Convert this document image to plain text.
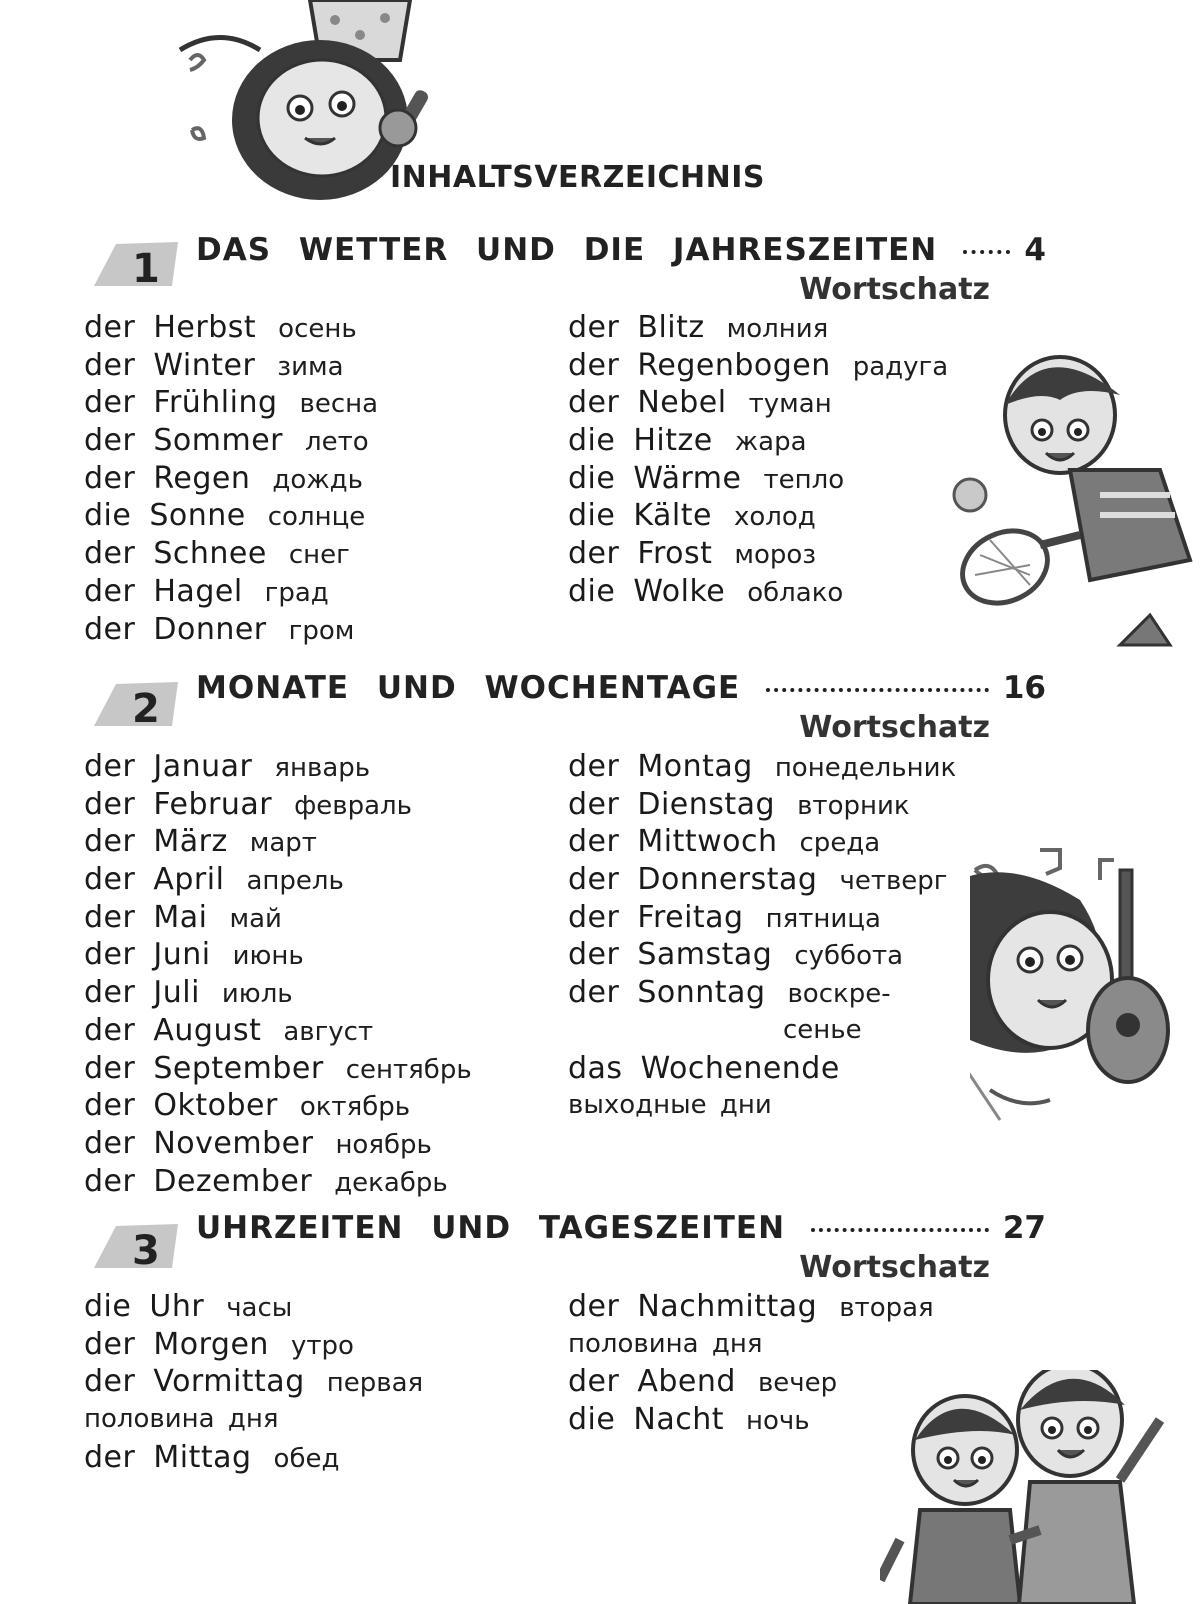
INHALTSVERZEICHNIS
1 DAS WETTER UND DIE JAHRESZEITEN	4
Wortschatz
der Herbst осень
der Winter зима
der Frühling весна
der Sommer лето
der Regen дождь
die Sonne солнце
der Schnee снег
der Hagel град
der Donner гром
der Blitz молния
der Regenbogen радуга
der Nebel туман
die Hitze жара
die Wärme тепло
die Kälte холод
der Frost мороз
die Wolke облако
2 MONATE UND WOCHENTAGE	16
Wortschatz
der Januar январь
der Februar февраль
der März март
der April апрель
der Mai май
der Juni июнь
der Juli июль
der August август
der September сентябрь
der Oktober октябрь
der November ноябрь
der Dezember декабрь
der Montag понедельник
der Dienstag вторник
der Mittwoch среда
der Donnerstag четверг
der Freitag пятница
der Samstag суббота
der Sonntag воскре-
сенье
das Wochenende
выходные дни
3 UHRZEITEN UND TAGESZEITEN	27
Wortschatz
die Uhr часы
der Morgen утро
der Vormittag первая
половина дня
der Mittag обед
der Nachmittag вторая
половина дня
der Abend вечер
die Nacht ночь
